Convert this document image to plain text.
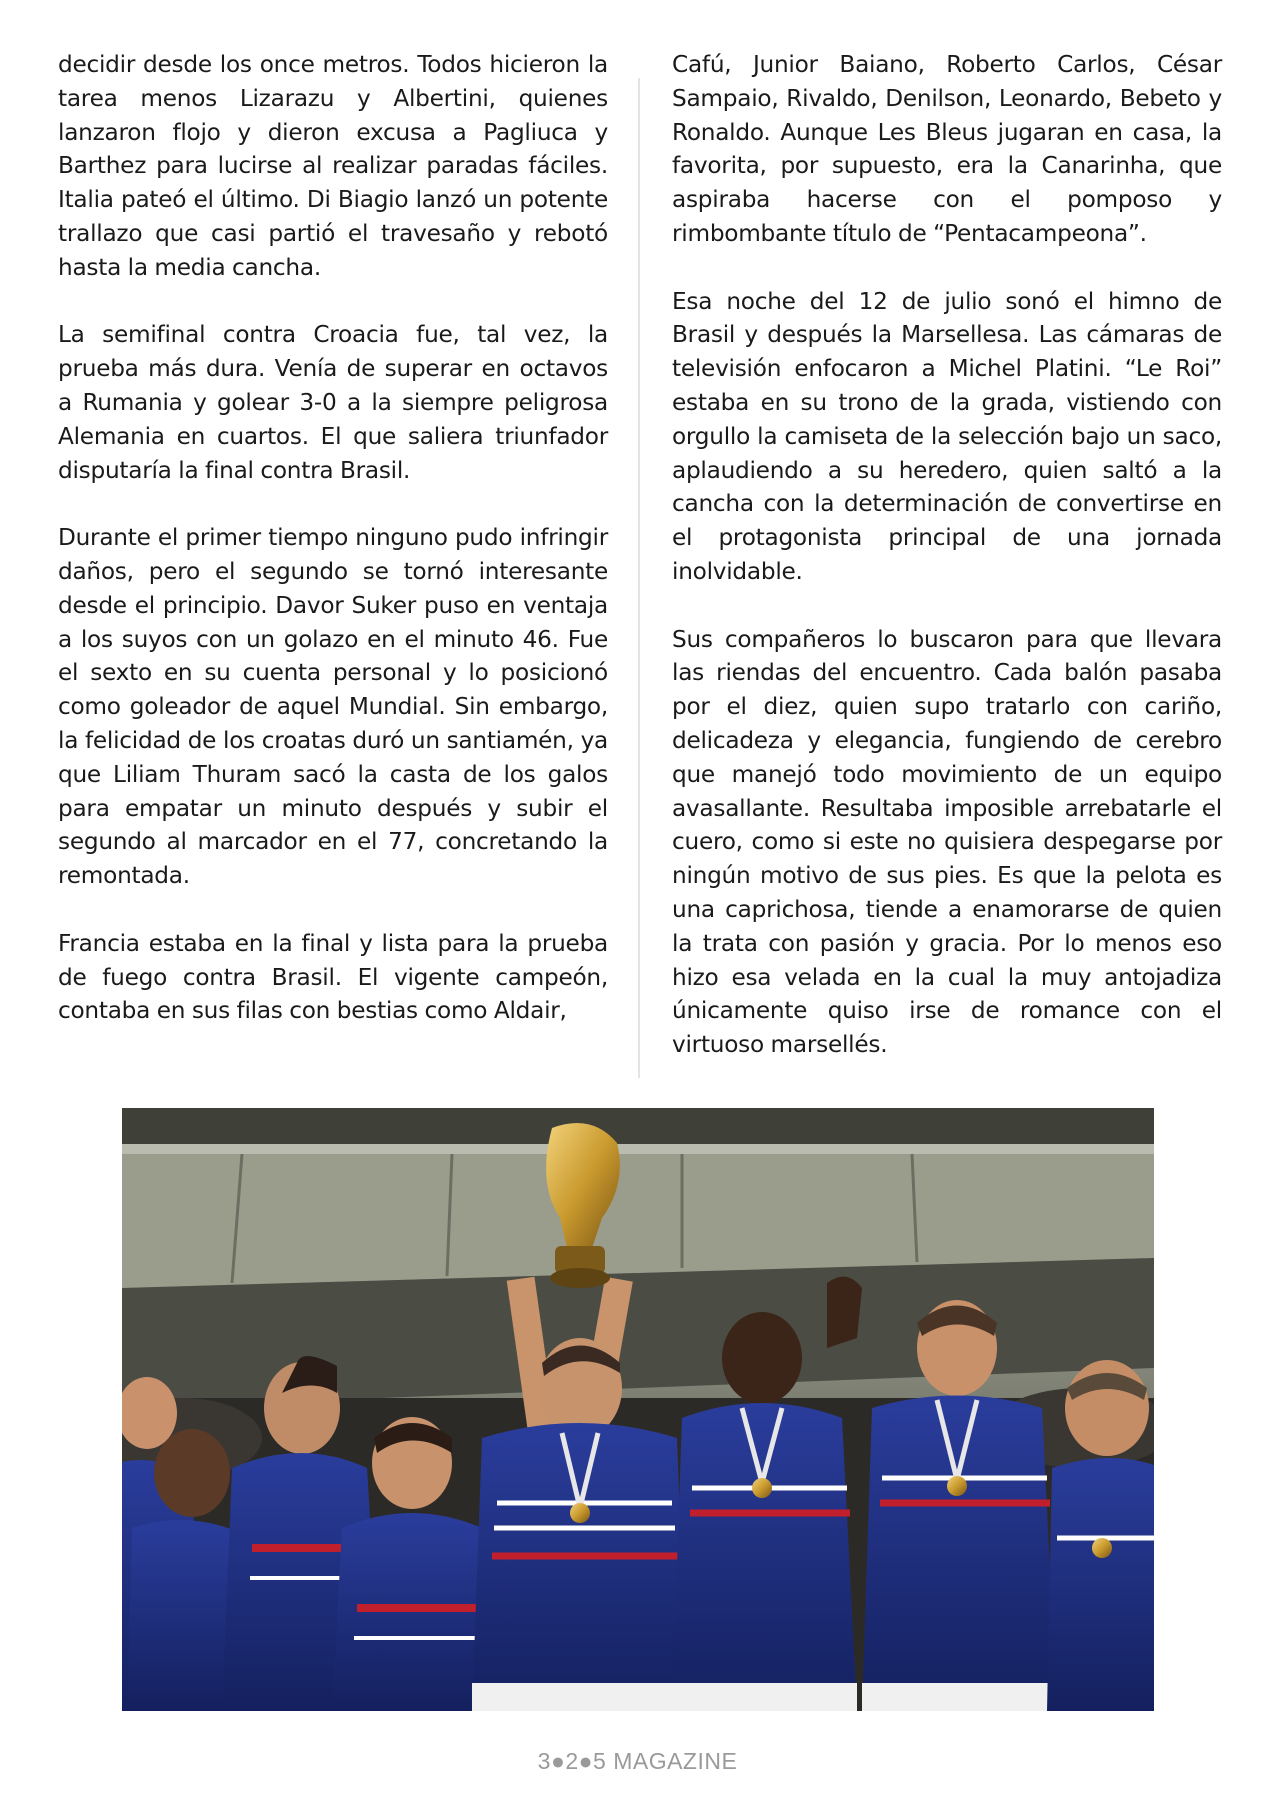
decidir desde los once metros. Todos hicieron la tarea menos Lizarazu y Albertini, quienes lanzaron flojo y dieron excusa a Pagliuca y Barthez para lucirse al realizar paradas fáciles. Italia pateó el último. Di Biagio lanzó un potente trallazo que casi partió el travesaño y rebotó hasta la media cancha.

La semifinal contra Croacia fue, tal vez, la prueba más dura. Venía de superar en octavos a Rumania y golear 3-0 a la siempre peligrosa Alemania en cuartos. El que saliera triunfador disputaría la final contra Brasil.

Durante el primer tiempo ninguno pudo infringir daños, pero el segundo se tornó interesante desde el principio. Davor Suker puso en ventaja a los suyos con un golazo en el minuto 46. Fue el sexto en su cuenta personal y lo posicionó como goleador de aquel Mundial. Sin embargo, la felicidad de los croatas duró un santiamén, ya que Liliam Thuram sacó la casta de los galos para empatar un minuto después y subir el segundo al marcador en el 77, concretando la remontada.

Francia estaba en la final y lista para la prueba de fuego contra Brasil. El vigente campeón, contaba en sus filas con bestias como Aldair,

Cafú, Junior Baiano, Roberto Carlos, César Sampaio, Rivaldo, Denilson, Leonardo, Bebeto y Ronaldo. Aunque Les Bleus jugaran en casa, la favorita, por supuesto, era la Canarinha, que aspiraba hacerse con el pomposo y rimbombante título de “Pentacampeona”.

Esa noche del 12 de julio sonó el himno de Brasil y después la Marsellesa. Las cámaras de televisión enfocaron a Michel Platini. “Le Roi” estaba en su trono de la grada, vistiendo con orgullo la camiseta de la selección bajo un saco, aplaudiendo a su heredero, quien saltó a la cancha con la determinación de convertirse en el protagonista principal de una jornada inolvidable.

Sus compañeros lo buscaron para que llevara las riendas del encuentro. Cada balón pasaba por el diez, quien supo tratarlo con cariño, delicadeza y elegancia, fungiendo de cerebro que manejó todo movimiento de un equipo avasallante. Resultaba imposible arrebatarle el cuero, como si este no quisiera despegarse por ningún motivo de sus pies. Es que la pelota es una caprichosa, tiende a enamorarse de quien la trata con pasión y gracia. Por lo menos eso hizo esa velada en la cual la muy antojadiza únicamente quiso irse de romance con el virtuoso marsellés.

3●2●5 MAGAZINE
